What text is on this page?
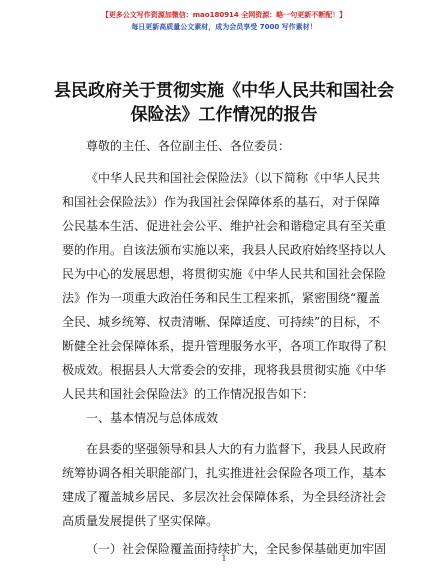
【更多公文写作资源加微信：mao180914 全网资源：略一句更新不断配！】
每日更新高质量公文素材，成为会员享受 7000 写作素材！
县民政府关于贯彻实施《中华人民共和国社会
保险法》工作情况的报告
尊敬的主任、各位副主任、各位委员：
《中华人民共和国社会保险法》（以下简称《中华人民共
和国社会保险法》）作为我国社会保障体系的基石，对于保障
公民基本生活、促进社会公平、维护社会和谐稳定具有至关重
要的作用。自该法颁布实施以来，我县人民政府始终坚持以人
民为中心的发展思想，将贯彻实施《中华人民共和国社会保险
法》作为一项重大政治任务和民生工程来抓，紧密围绕“覆盖
全民、城乡统筹、权责清晰、保障适度、可持续”的目标，不
断健全社会保障体系，提升管理服务水平，各项工作取得了积
极成效。根据县人大常委会的安排，现将我县贯彻实施《中华
人民共和国社会保险法》的工作情况报告如下：
一、基本情况与总体成效
在县委的坚强领导和县人大的有力监督下，我县人民政府
统筹协调各相关职能部门，扎实推进社会保险各项工作，基本
建成了覆盖城乡居民、多层次社会保障体系，为全县经济社会
高质量发展提供了坚实保障。
（一）社会保险覆盖面持续扩大，全民参保基础更加牢固
1
